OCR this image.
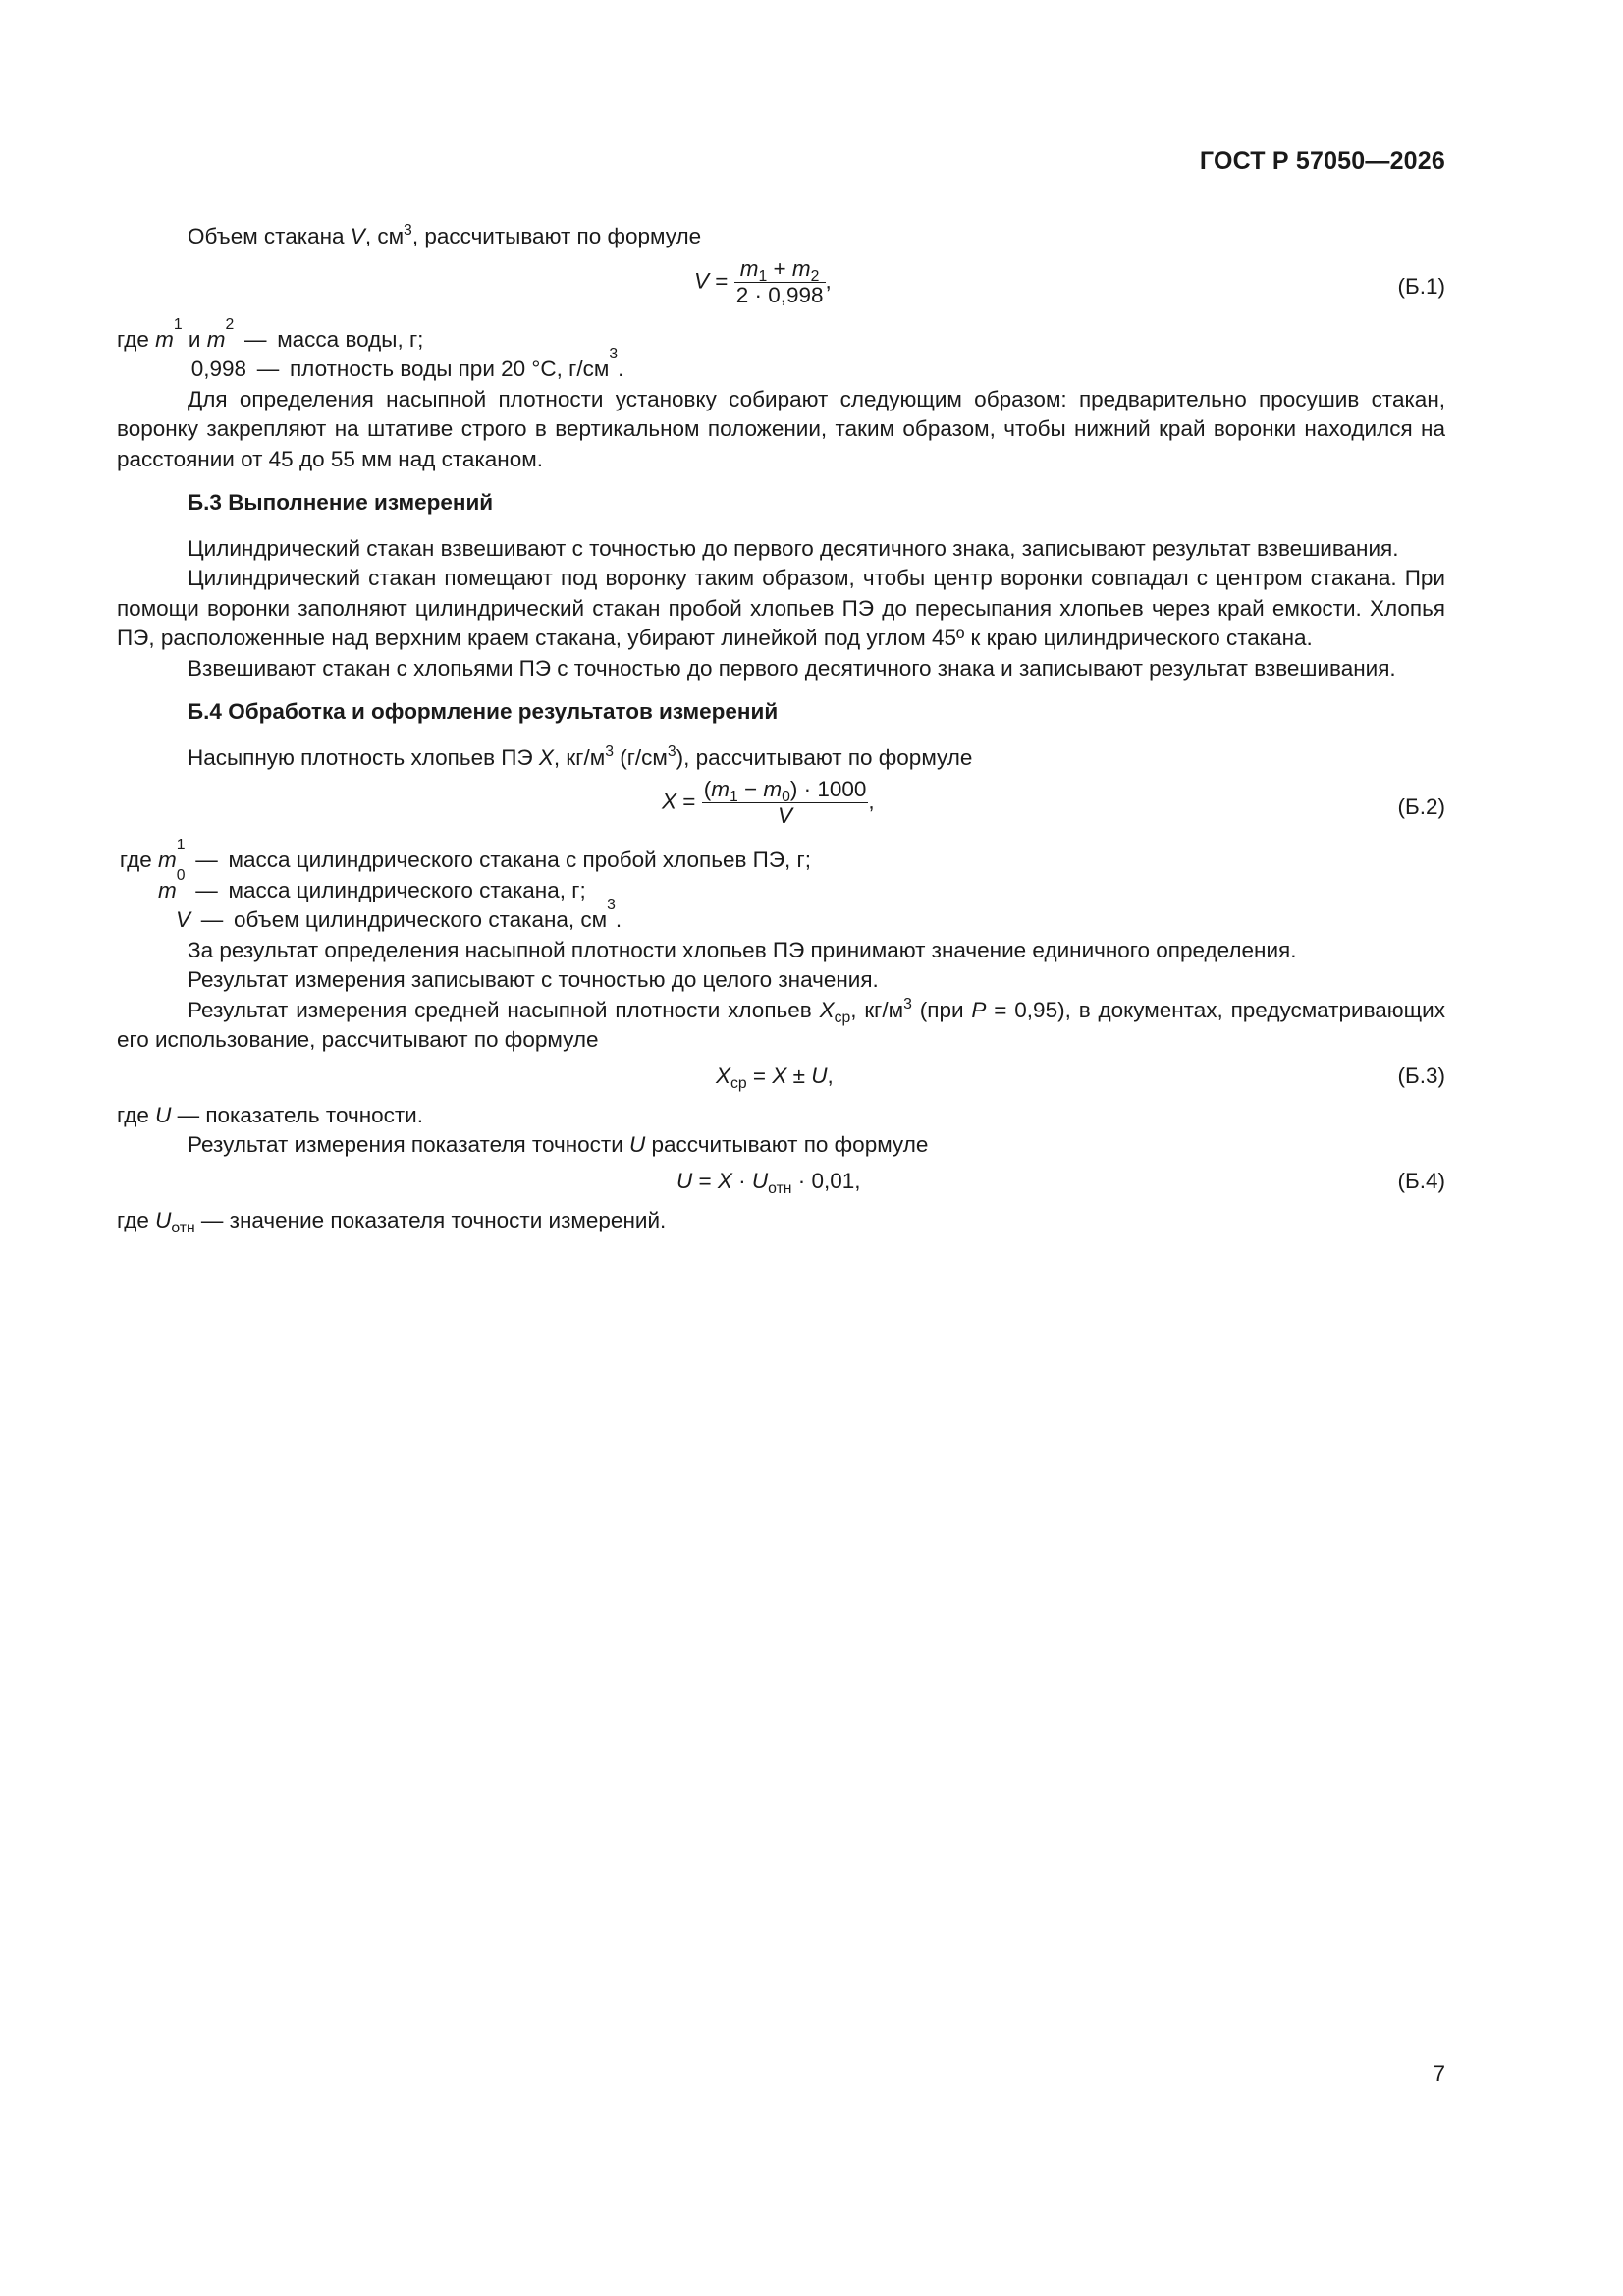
ГОСТ Р 57050—2026

Объем стакана V, $см^3$, рассчитывают по формуле

$V = \frac{m_1 + m_2}{2 \cdot 0,998}$ ,	(Б.1)
где m
1
и m
2
— масса воды, г;
0,998 — плотность воды при 20 °C, г/см
3
.

Для определения насыпной плотности установку собирают следующим образом: предварительно просушив стакан, воронку закрепляют на штативе строго в вертикальном положении, таким образом, чтобы нижний край воронки находился на расстоянии от 45 до 55 мм над стаканом.

Б.3 Выполнение измерений

Цилиндрический стакан взвешивают с точностью до первого десятичного знака, записывают результат взвешивания.

Цилиндрический стакан помещают под воронку таким образом, чтобы центр воронки совпадал с центром стакана. При помощи воронки заполняют цилиндрический стакан пробой хлопьев ПЭ до пересыпания хлопьев через край емкости. Хлопья ПЭ, расположенные над верхним краем стакана, убирают линейкой под углом 45º к краю цилиндрического стакана.

Взвешивают стакан с хлопьями ПЭ с точностью до первого десятичного знака и записывают результат взвешивания.

Б.4 Обработка и оформление результатов измерений

Насыпную плотность хлопьев ПЭ X, $кг/м^3$ $(г/см^3)$, рассчитывают по формуле

$X = \frac{(m_1 - m_0) \cdot 1000}{V}$ ,	(Б.2)
где m
1
— масса цилиндрического стакана с пробой хлопьев ПЭ, г;
m
0
— масса цилиндрического стакана, г;
V — объем цилиндрического стакана, см
3
.

За результат определения насыпной плотности хлопьев ПЭ принимают значение единичного определения.

Результат измерения записывают с точностью до целого значения.

Результат измерения средней насыпной плотности хлопьев $X_{ср}$, $кг/м^3$ (при P = 0,95), в документах, предусматривающих его использование, рассчитывают по формуле

$X_{ср} = X \pm U$,	(Б.3)
где U — показатель точности.

Результат измерения показателя точности U рассчитывают по формуле

$U = X \cdot U_{отн} \cdot 0,01$,	(Б.4)
где $U_{отн}$ — значение показателя точности измерений.
7
